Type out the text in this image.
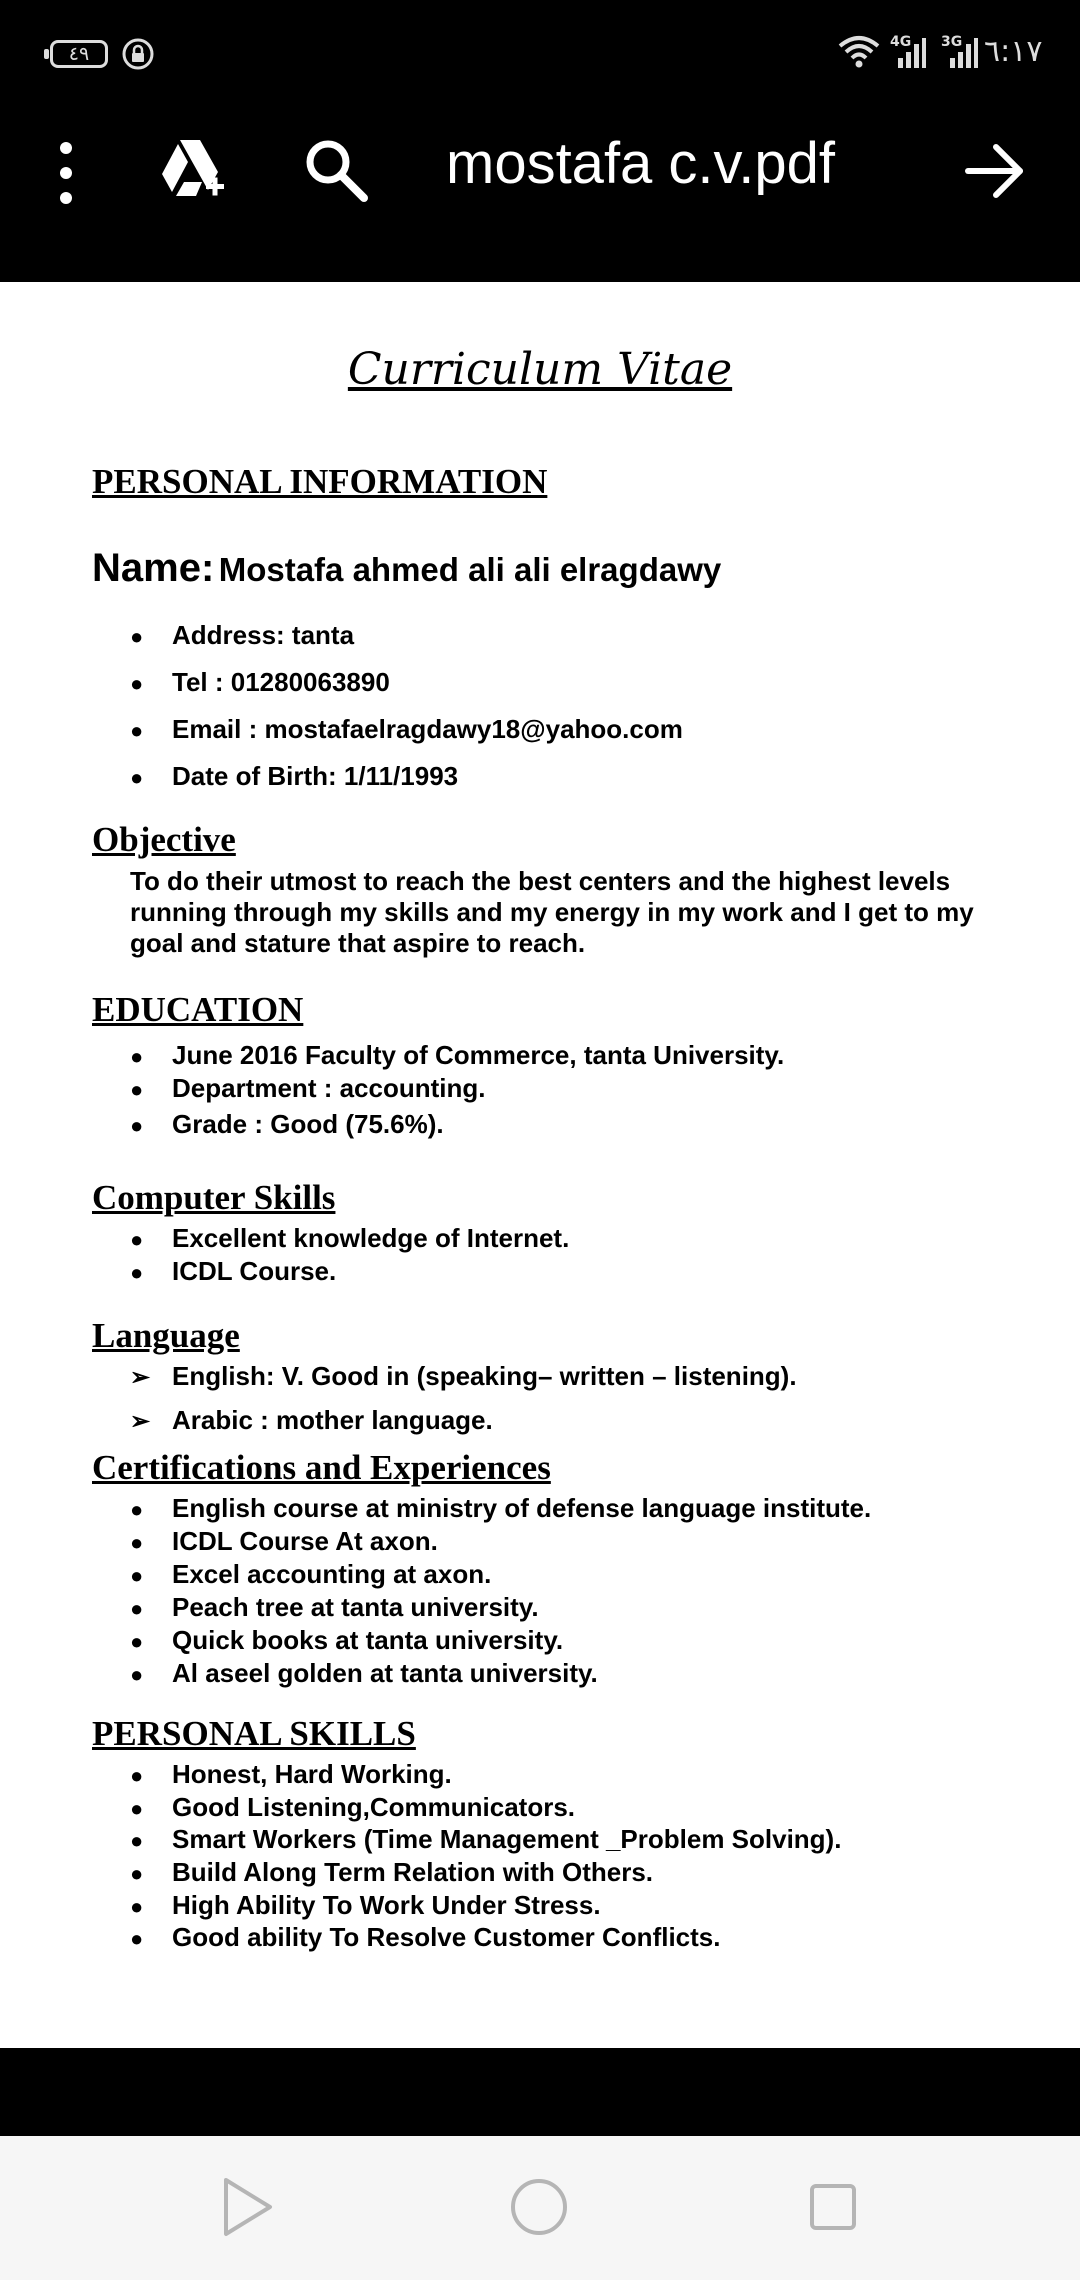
٤٩
4G 3G ٦:١٧
mostafa c.v.pdf
Curriculum Vitae
PERSONAL INFORMATION
Name: Mostafa ahmed ali ali elragdawy
● Address: tanta
● Tel : 01280063890
● Email : mostafaelragdawy18@yahoo.com
● Date of Birth: 1/11/1993
Objective
To do their utmost to reach the best centers and the highest levels running through my skills and my energy in my work and I get to my goal and stature that aspire to reach.
EDUCATION
● June 2016 Faculty of Commerce, tanta University.
● Department : accounting.
● Grade : Good (75.6%).
Computer Skills
● Excellent knowledge of Internet.
● ICDL Course.
Language
➢ English: V. Good in (speaking– written – listening).
➢ Arabic : mother language.
Certifications and Experiences
● English course at ministry of defense language institute.
● ICDL Course At axon.
● Excel accounting at axon.
● Peach tree at tanta university.
● Quick books at tanta university.
● Al aseel golden at tanta university.
PERSONAL SKILLS
● Honest, Hard Working.
● Good Listening,Communicators.
● Smart Workers (Time Management _Problem Solving).
● Build Along Term Relation with Others.
● High Ability To Work Under Stress.
● Good ability To Resolve Customer Conflicts.
